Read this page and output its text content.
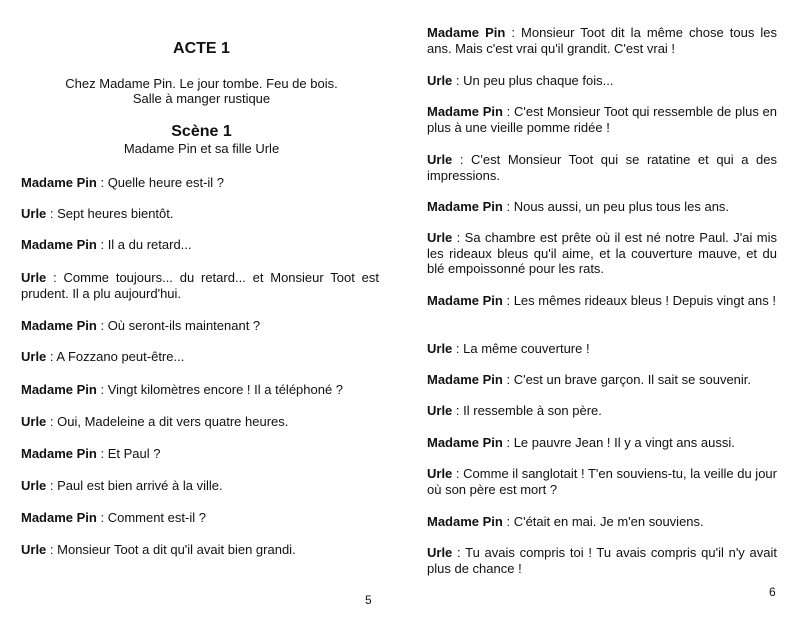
ACTE 1
Chez Madame Pin. Le jour tombe. Feu de bois.
Salle à manger rustique
Scène 1
Madame Pin et sa fille Urle

Madame Pin : Quelle heure est-il ?

Urle : Sept heures bientôt.

Madame Pin : Il a du retard...

Urle : Comme toujours... du retard... et Monsieur Toot est prudent. Il a plu aujourd'hui.

Madame Pin : Où seront-ils maintenant ?

Urle : A Fozzano peut-être...

Madame Pin : Vingt kilomètres encore ! Il a téléphoné ?

Urle : Oui, Madeleine a dit vers quatre heures.

Madame Pin : Et Paul ?

Urle : Paul est bien arrivé à la ville.

Madame Pin : Comment est-il ?

Urle : Monsieur Toot a dit qu'il avait bien grandi.

5

Madame Pin : Monsieur Toot dit la même chose tous les ans. Mais c'est vrai qu'il grandit. C'est vrai !

Urle : Un peu plus chaque fois...

Madame Pin : C'est Monsieur Toot qui ressemble de plus en plus à une vieille pomme ridée !

Urle : C'est Monsieur Toot qui se ratatine et qui a des impressions.

Madame Pin : Nous aussi, un peu plus tous les ans.

Urle : Sa chambre est prête où il est né notre Paul. J'ai mis les rideaux bleus qu'il aime, et la couverture mauve, et du blé empoissonné pour les rats.

Madame Pin : Les mêmes rideaux bleus ! Depuis vingt ans !

Urle : La même couverture !

Madame Pin : C'est un brave garçon. Il sait se souvenir.

Urle : Il ressemble à son père.

Madame Pin : Le pauvre Jean ! Il y a vingt ans aussi.

Urle : Comme il sanglotait ! T'en souviens-tu, la veille du jour où son père est mort ?

Madame Pin : C'était en mai. Je m'en souviens.

Urle : Tu avais compris toi ! Tu avais compris qu'il n'y avait plus de chance !

6
